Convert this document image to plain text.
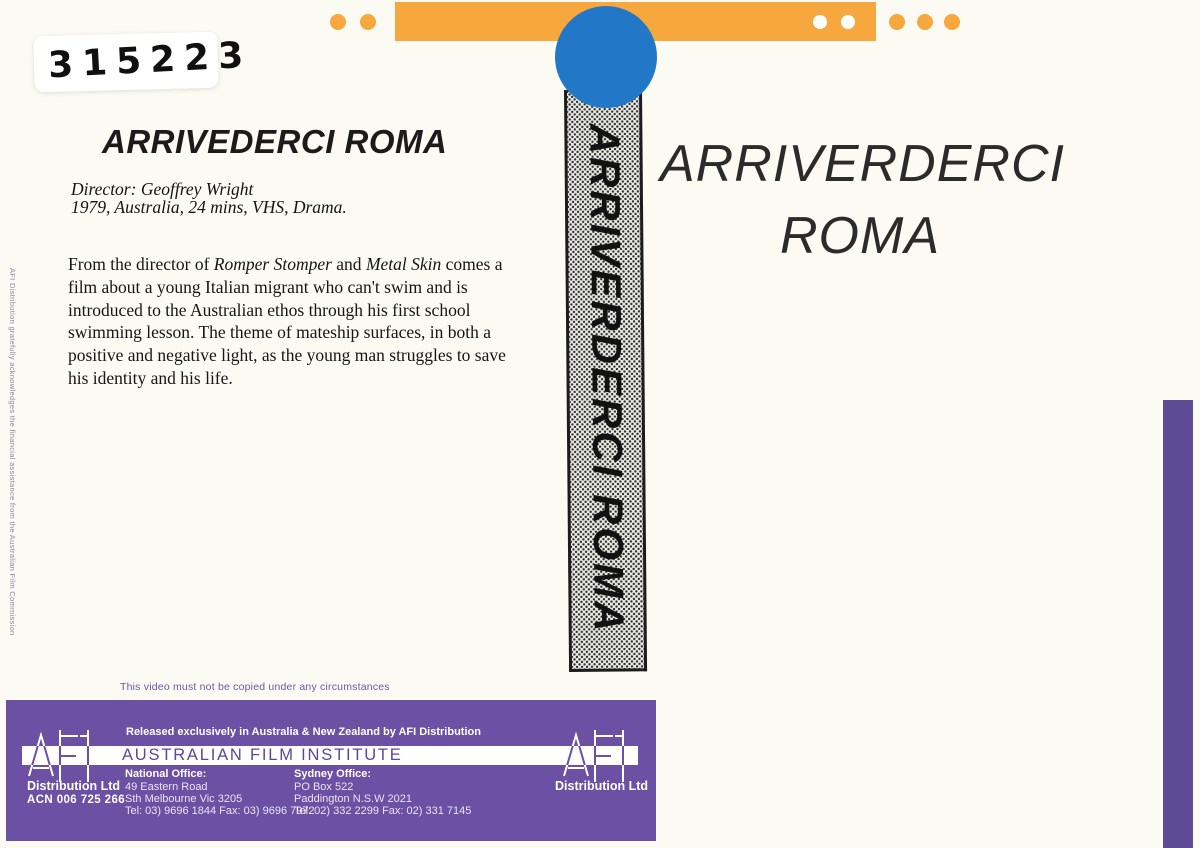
315223
ARRIVEDERCI ROMA
Director: Geoffrey Wright
1979, Australia, 24 mins, VHS, Drama.
From the director of Romper Stomper and Metal Skin comes a
film about a young Italian migrant who can't swim and is
introduced to the Australian ethos through his first school
swimming lesson. The theme of mateship surfaces, in both a
positive and negative light, as the young man struggles to save
his identity and his life.
AFI Distribution gratefully acknowledges the financial assistance from the Australian Film Commission
This video must not be copied under any circumstances
ARRIVERDERCI ROMA ARRIVERDERCI
ROMA
Released exclusively in Australia & New Zealand by AFI Distribution
AUSTRALIAN FILM INSTITUTE
Distribution Ltd
ACN 006 725 266
National Office:
49 Eastern Road
Sth Melbourne Vic 3205
Tel: 03) 9696 1844 Fax: 03) 9696 7972
Sydney Office:
PO Box 522
Paddington N.S.W 2021
Tel: 02) 332 2299 Fax: 02) 331 7145
Distribution Ltd
